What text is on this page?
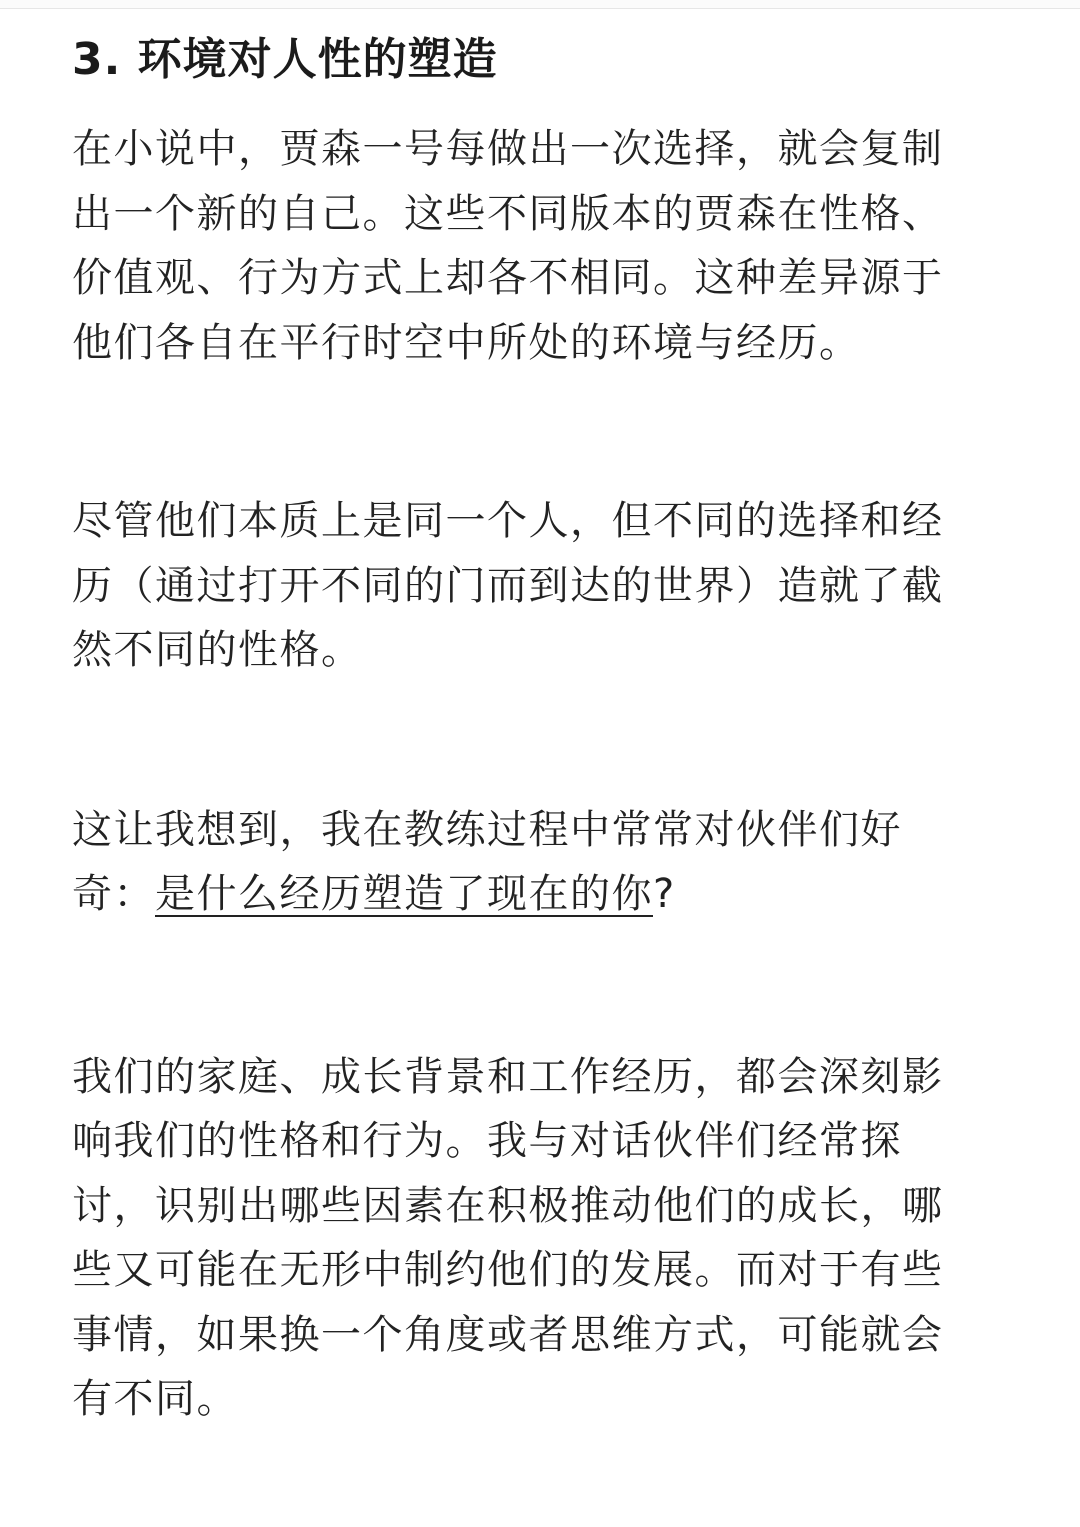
3. 环境对人性的塑造

在小说中，贾森一号每做出一次选择，就会复制出一个新的自己。这些不同版本的贾森在性格、价值观、行为方式上却各不相同。这种差异源于他们各自在平行时空中所处的环境与经历。

尽管他们本质上是同一个人，但不同的选择和经历（通过打开不同的门而到达的世界）造就了截然不同的性格。

这让我想到，我在教练过程中常常对伙伴们好奇：是什么经历塑造了现在的你?

我们的家庭、成长背景和工作经历，都会深刻影响我们的性格和行为。我与对话伙伴们经常探讨，识别出哪些因素在积极推动他们的成长，哪些又可能在无形中制约他们的发展。而对于有些事情，如果换一个角度或者思维方式，可能就会有不同。
